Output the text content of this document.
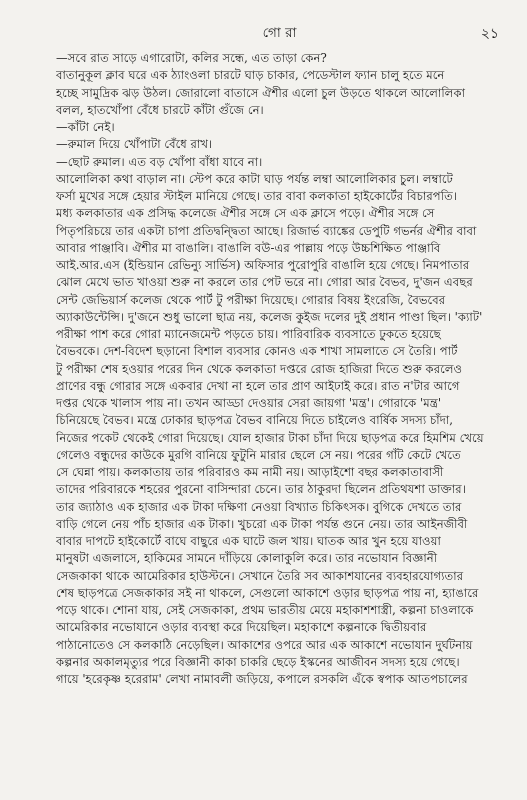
গো রা	২১
—সবে রাত সাড়ে এগারোটা, কলির সন্ধে, এত তাড়া কেন?
বাতানুকূল ক্লাব ঘরে এক ঠ্যাংওলা চারটে ঘাড় চাকার, পেডেস্টাল ফ্যান চালু হতে মনে
হচ্ছে সামুদ্রিক ঝড় উঠল। জোরালো বাতাসে ঐশীর এলো চুল উড়তে থাকলে আলোলিকা
বলল, হাতখোঁপা বেঁধে চারটে কাঁটা গুঁজে নে।
—কাঁটা নেই।
—রুমাল দিয়ে খোঁপাটা বেঁধে রাখ।
—ছোট রুমাল। এত বড় খোঁপা বাঁধা যাবে না।
আলোলিকা কথা বাড়াল না। স্টেপ করে কাটা ঘাড় পর্যন্ত লম্বা আলোলিকার চুল। লম্বাটে
ফর্সা মুখের সঙ্গে হেয়ার স্টাইল মানিয়ে গেছে। তার বাবা কলকাতা হাইকোর্টের বিচারপতি।
মধ্য কলকাতার এক প্রসিদ্ধ কলেজে ঐশীর সঙ্গে সে এক ক্লাসে পড়ে। ঐশীর সঙ্গে সে
পিতৃপরিচয়ে তার একটা চাপা প্রতিদ্বন্দ্বিতা আছে। রিজার্ভ ব্যাঙ্কের ডেপুটি গভর্নর ঐশীর বাবা
আবার পাঞ্জাবি। ঐশীর মা বাঙালি। বাঙালি বউ-এর পাল্লায় পড়ে উচ্চশিক্ষিত পাঞ্জাবি
আই.আর.এস (ইন্ডিয়ান রেভিন্যু সার্ভিস) অফিসার পুরোপুরি বাঙালি হয়ে গেছে। নিমপাতার
ঝোল মেখে ভাত খাওয়া শুরু না করলে তার পেট ভরে না। গোরা আর বৈভব, দু'জন এবছর
সেন্ট জেভিয়ার্স কলেজ থেকে পার্ট টু পরীক্ষা দিয়েছে। গোরার বিষয় ইংরেজি, বৈভবের
অ্যাকাউন্টেন্সি। দু'জনে শুধু ভালো ছাত্র নয়, কলেজ কুইজ দলের দুই প্রধান পাণ্ডা ছিল। 'ক্যাট'
পরীক্ষা পাশ করে গোরা ম্যানেজমেন্ট পড়তে চায়। পারিবারিক ব্যবসাতে ঢুকতে হয়েছে
বৈভবকে। দেশ-বিদেশ ছড়ানো বিশাল ব্যবসার কোনও এক শাখা সামলাতে সে তৈরি। পার্ট
টু পরীক্ষা শেষ হওয়ার পরের দিন থেকে কলকাতা দপ্তরে রোজ হাজিরা দিতে শুরু করলেও
প্রাণের বন্ধু গোরার সঙ্গে একবার দেখা না হলে তার প্রাণ আইঢাই করে। রাত ন'টার আগে
দপ্তর থেকে খালাস পায় না। তখন আড্ডা দেওয়ার সেরা জায়গা 'মন্ত্র'। গোরাকে 'মন্ত্র'
চিনিয়েছে বৈভব। মন্ত্রে ঢোকার ছাড়পত্র বৈভব বানিয়ে দিতে চাইলেও বার্ষিক সদস্য চাঁদা,
নিজের পকেট থেকেই গোরা দিয়েছে। যোল হাজার টাকা চাঁদা দিয়ে ছাড়পত্র করে হিমশিম খেয়ে
গেলেও বন্ধুদের কাউকে মুরগি বানিয়ে ফুটুনি মারার ছেলে সে নয়। পরের গাঁট কেটে খেতে
সে ঘেন্না পায়। কলকাতায় তার পরিবারও কম নামী নয়। আড়াইশো বছর কলকাতাবাসী
তাদের পরিবারকে শহরের পুরনো বাসিন্দারা চেনে। তার ঠাকুরদা ছিলেন প্রতিথযশা ডাক্তার।
তার জ্যাঠাও এক হাজার এক টাকা দক্ষিণা নেওয়া বিখ্যাত চিকিৎসক। বুগিকে দেখতে তার
বাড়ি গেলে নেয় পাঁচ হাজার এক টাকা। খুচরো এক টাকা পর্যন্ত গুনে নেয়। তার আইনজীবী
বাবার দাপটে হাইকোর্টে বাঘে বাছুরে এক ঘাটে জল খায়। ঘাতক আর খুন হয়ে যাওয়া
মানুষটা এজলাসে, হাকিমের সামনে দাঁড়িয়ে কোলাকুলি করে। তার নভোযান বিজ্ঞানী
সেজকাকা থাকে আমেরিকার হাউস্টনে। সেখানে তৈরি সব আকাশযানের ব্যবহারযোগ্যতার
শেষ ছাড়পত্রে সেজকাকার সই না থাকলে, সেগুলো আকাশে ওড়ার ছাড়পত্র পায় না, হ্যাঙারে
পড়ে থাকে। শোনা যায়, সেই সেজকাকা, প্রথম ভারতীয় মেয়ে মহাকাশশাস্ত্রী, কল্পনা চাওলাকে
আমেরিকার নভোযানে ওড়ার ব্যবস্থা করে দিয়েছিল। মহাকাশে কল্পনাকে দ্বিতীয়বার
পাঠানোতেও সে কলকাঠি নেড়েছিল। আকাশের ওপরে আর এক আকাশে নভোযান দুর্ঘটনায়
কল্পনার অকালমৃত্যুর পরে বিজ্ঞানী কাকা চাকরি ছেড়ে ইস্কনের আজীবন সদস্য হয়ে গেছে।
গায়ে 'হরেকৃষ্ণ হরেরাম' লেখা নামাবলী জড়িয়ে, কপালে রসকলি এঁকে স্বপাক আতপচালের
